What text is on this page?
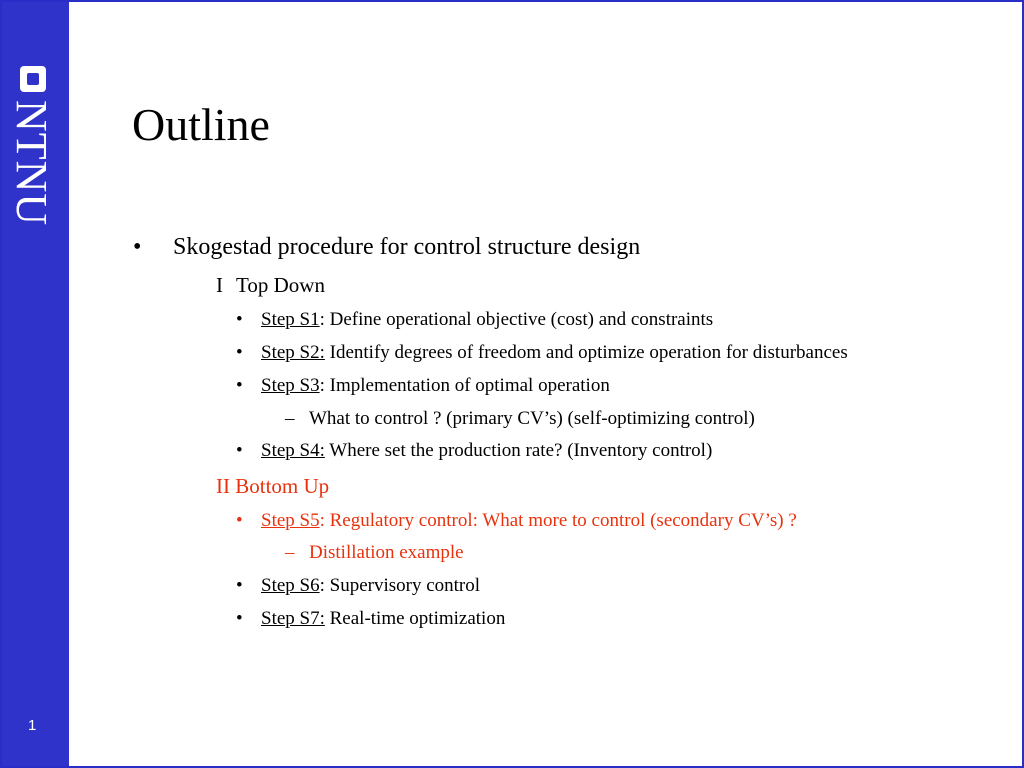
NTNU
1
Outline
• Skogestad procedure for control structure design
I Top Down
• Step S1: Define operational objective (cost) and constraints
• Step S2: Identify degrees of freedom and optimize operation for disturbances
• Step S3: Implementation of optimal operation
– What to control ? (primary CV’s) (self-optimizing control)
• Step S4: Where set the production rate? (Inventory control)
II Bottom Up
• Step S5: Regulatory control: What more to control (secondary CV’s) ?
– Distillation example
• Step S6: Supervisory control
• Step S7: Real-time optimization
